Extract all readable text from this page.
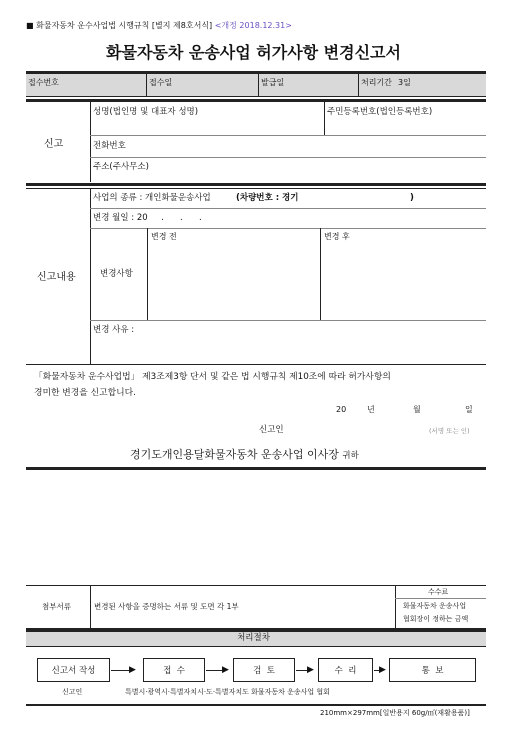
■ 화물자동차 운수사업법 시행규칙 [별지 제8호서식] <개정 2018.12.31>
화물자동차 운송사업 허가사항 변경신고서
접수번호	접수일	발급일	처리기간 3일
신고
성명(법인명 및 대표자 성명)	주민등록번호(법인등록번호)
전화번호
주소(주사무소)
신고내용
사업의 종류 : 개인화물운송사업	(차량번호 : 경기	)
변경 월일 : 20     .      .      .
변경사항
변경 전	변경 후
변경 사유 :
「화물자동차 운수사업법」 제3조제3항 단서 및 같은 법 시행규칙 제10조에 따라 허가사항의
경미한 변경을 신고합니다.
20	년	월	일
신고인	(서명 또는 인)
경기도개인용달화물자동차 운송사업 이사장 귀하
첨부서류	변경된 사항을 증명하는 서류 및 도면 각 1부
수수료
화물자동차 운송사업
협회장이 정하는 금액
처리절차
신고서 작성	접  수	검  토	수  리	통  보
▶	▶	▶	▶
신고인	특별시·광역시·특별자치시·도·특별자치도 화물자동차 운송사업 협회
210mm×297mm[일반용지 60g/㎡(재활용품)]
